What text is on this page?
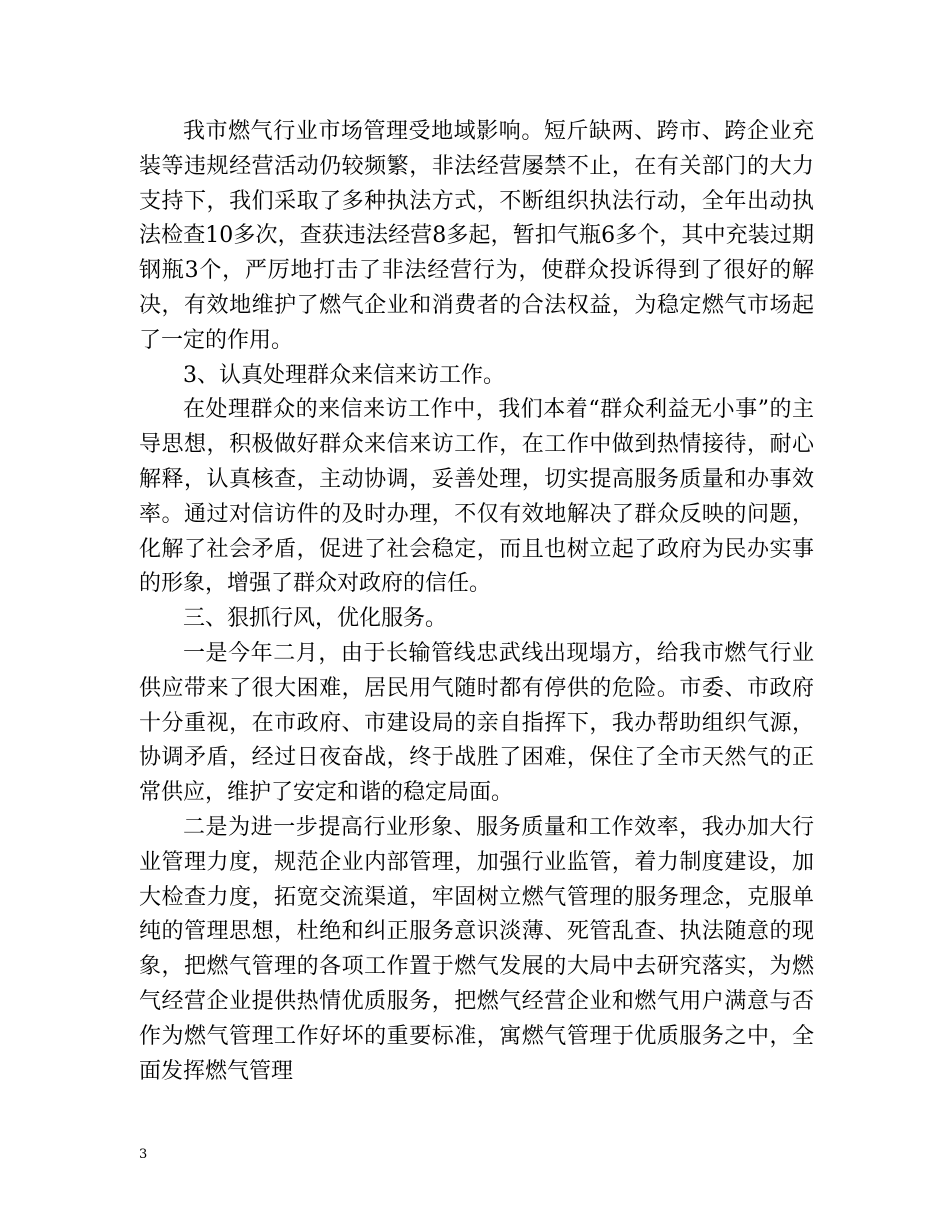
我市燃气行业市场管理受地域影响。短斤缺两、跨市、跨企业充装等违规经营活动仍较频繁，非法经营屡禁不止，在有关部门的大力支持下，我们采取了多种执法方式，不断组织执法行动，全年出动执法检查10多次，查获违法经营8多起，暂扣气瓶6多个，其中充装过期钢瓶3个，严厉地打击了非法经营行为，使群众投诉得到了很好的解决，有效地维护了燃气企业和消费者的合法权益，为稳定燃气市场起了一定的作用。

3、认真处理群众来信来访工作。

在处理群众的来信来访工作中，我们本着“群众利益无小事”的主导思想，积极做好群众来信来访工作，在工作中做到热情接待，耐心解释，认真核查，主动协调，妥善处理，切实提高服务质量和办事效率。通过对信访件的及时办理，不仅有效地解决了群众反映的问题，化解了社会矛盾，促进了社会稳定，而且也树立起了政府为民办实事的形象，增强了群众对政府的信任。

三、狠抓行风，优化服务。

一是今年二月，由于长输管线忠武线出现塌方，给我市燃气行业供应带来了很大困难，居民用气随时都有停供的危险。市委、市政府十分重视，在市政府、市建设局的亲自指挥下，我办帮助组织气源，协调矛盾，经过日夜奋战，终于战胜了困难，保住了全市天然气的正常供应，维护了安定和谐的稳定局面。

二是为进一步提高行业形象、服务质量和工作效率，我办加大行业管理力度，规范企业内部管理，加强行业监管，着力制度建设，加大检查力度，拓宽交流渠道，牢固树立燃气管理的服务理念，克服单纯的管理思想，杜绝和纠正服务意识淡薄、死管乱查、执法随意的现象，把燃气管理的各项工作置于燃气发展的大局中去研究落实，为燃气经营企业提供热情优质服务，把燃气经营企业和燃气用户满意与否作为燃气管理工作好坏的重要标准，寓燃气管理于优质服务之中，全面发挥燃气管理

3
